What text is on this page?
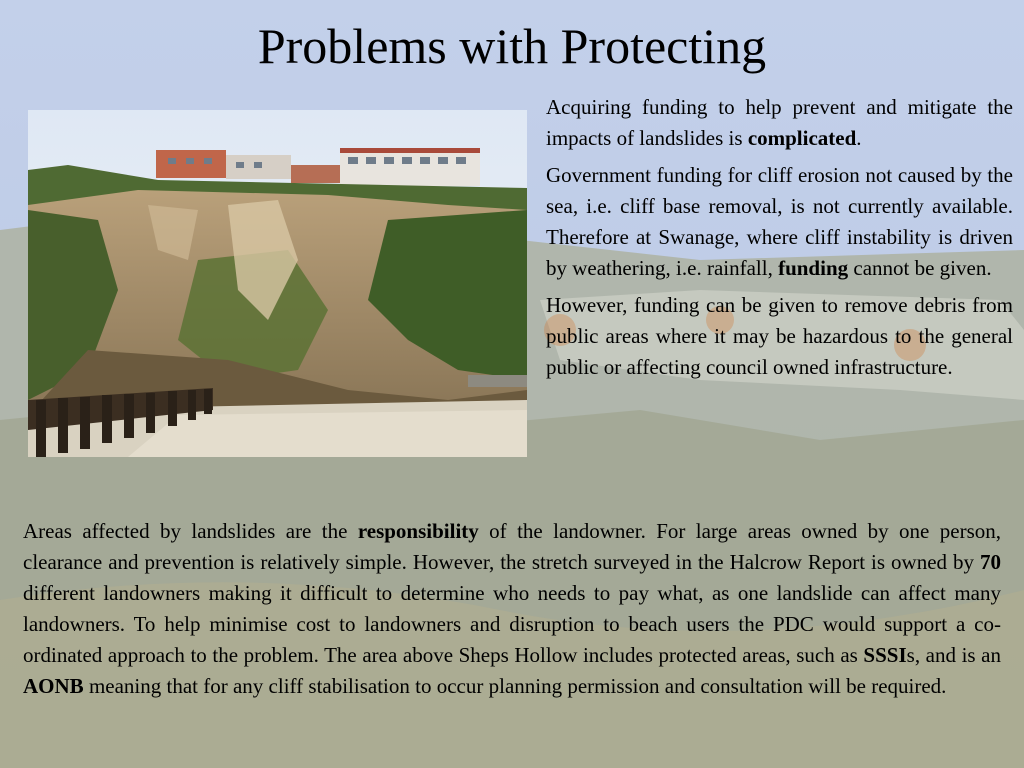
Problems with Protecting

Acquiring funding to help prevent and mitigate the impacts of landslides is complicated.

Government funding for cliff erosion not caused by the sea, i.e. cliff base removal, is not currently available. Therefore at Swanage, where cliff instability is driven by weathering, i.e. rainfall, funding cannot be given.

However, funding can be given to remove debris from public areas where it may be hazardous to the general public or affecting council owned infrastructure.

Areas affected by landslides are the responsibility of the landowner. For large areas owned by one person, clearance and prevention is relatively simple. However, the stretch surveyed in the Halcrow Report is owned by 70 different landowners making it difficult to determine who needs to pay what, as one landslide can affect many landowners. To help minimise cost to landowners and disruption to beach users the PDC would support a co-ordinated approach to the problem. The area above Sheps Hollow includes protected areas, such as SSSIs, and is an AONB meaning that for any cliff stabilisation to occur planning permission and consultation will be required.
